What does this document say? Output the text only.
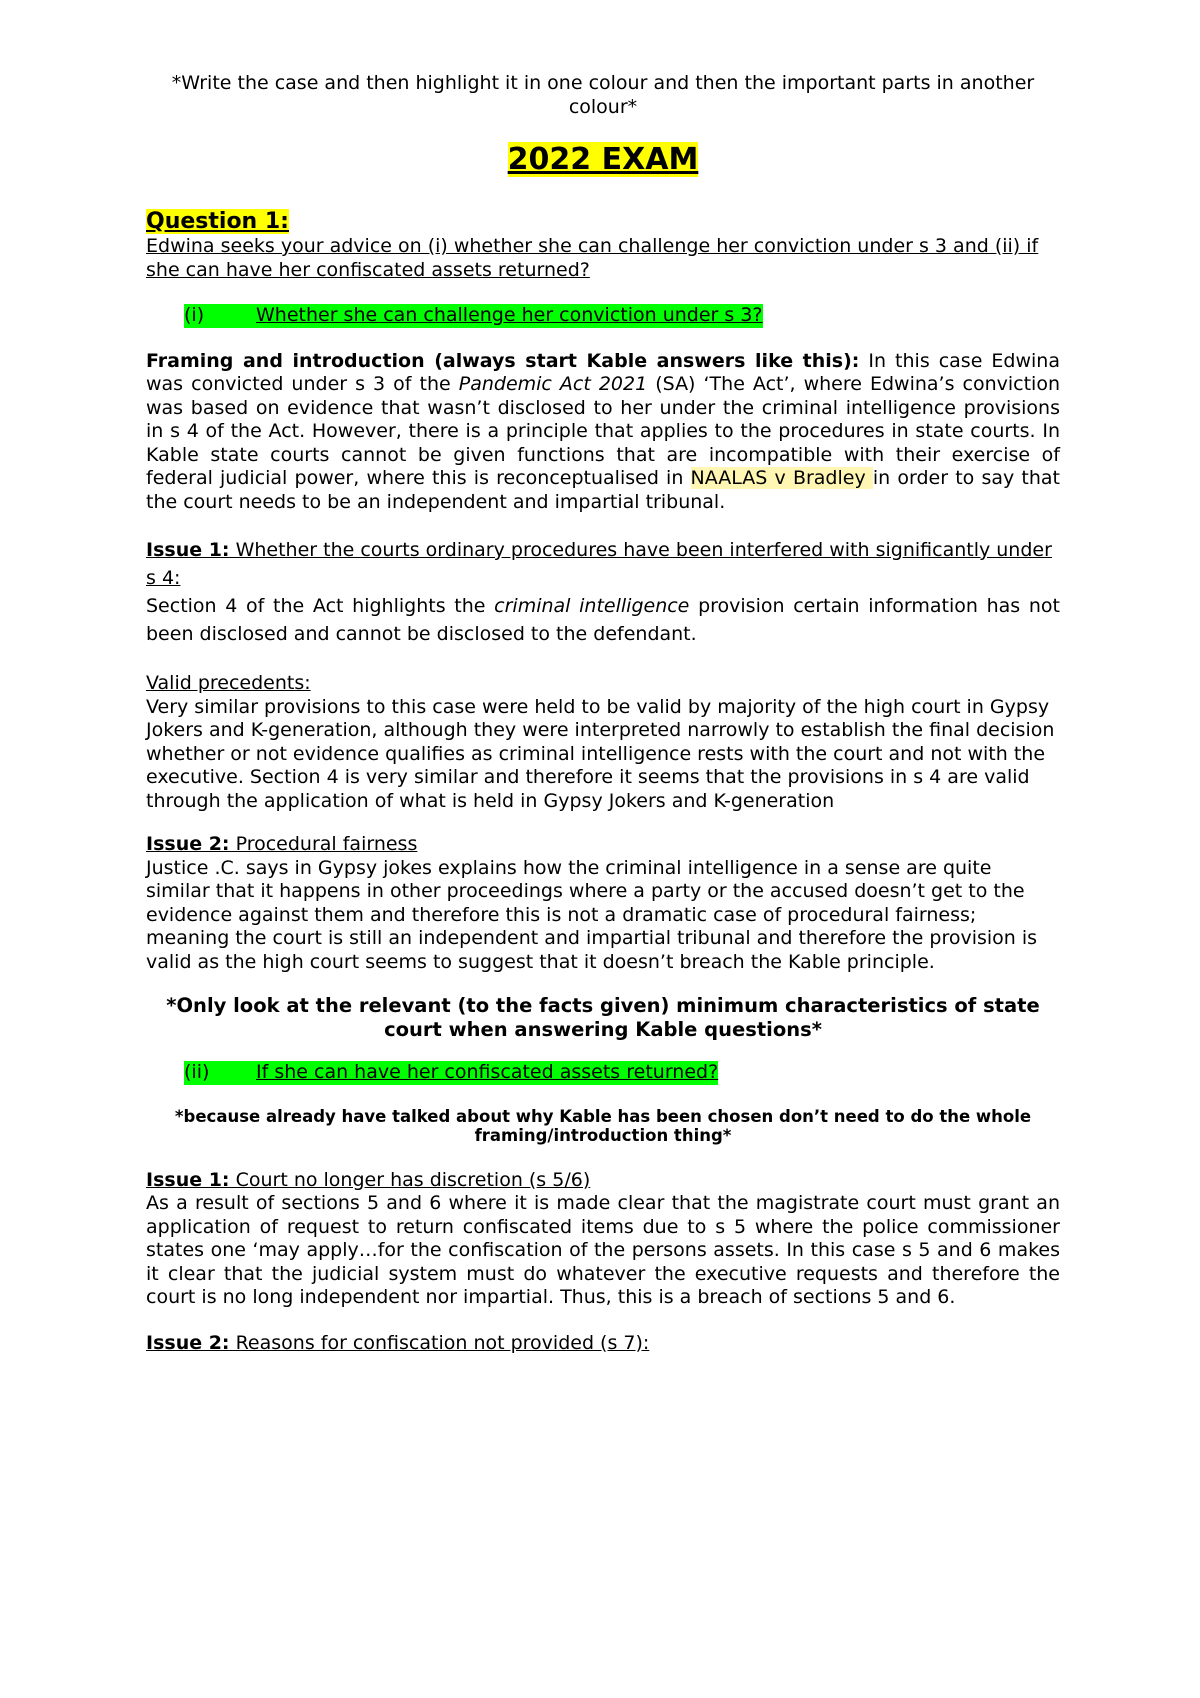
*Write the case and then highlight it in one colour and then the important parts in another colour*

2022 EXAM

Question 1:

Edwina seeks your advice on (i) whether she can challenge her conviction under s 3 and (ii) if she can have her confiscated assets returned?

(i)	Whether she can challenge her conviction under s 3?

Framing and introduction (always start Kable answers like this): In this case Edwina was convicted under s 3 of the Pandemic Act 2021 (SA) ‘The Act’, where Edwina’s conviction was based on evidence that wasn’t disclosed to her under the criminal intelligence provisions in s 4 of the Act. However, there is a principle that applies to the procedures in state courts. In Kable state courts cannot be given functions that are incompatible with their exercise of federal judicial power, where this is reconceptualised in NAALAS v Bradley in order to say that the court needs to be an independent and impartial tribunal.

Issue 1: Whether the courts ordinary procedures have been interfered with significantly under s 4:

Section 4 of the Act highlights the criminal intelligence provision certain information has not been disclosed and cannot be disclosed to the defendant.

Valid precedents:

Very similar provisions to this case were held to be valid by majority of the high court in Gypsy Jokers and K-generation, although they were interpreted narrowly to establish the final decision whether or not evidence qualifies as criminal intelligence rests with the court and not with the executive. Section 4 is very similar and therefore it seems that the provisions in s 4 are valid through the application of what is held in Gypsy Jokers and K-generation

Issue 2: Procedural fairness

Justice .C. says in Gypsy jokes explains how the criminal intelligence in a sense are quite similar that it happens in other proceedings where a party or the accused doesn’t get to the evidence against them and therefore this is not a dramatic case of procedural fairness; meaning the court is still an independent and impartial tribunal and therefore the provision is valid as the high court seems to suggest that it doesn’t breach the Kable principle.

*Only look at the relevant (to the facts given) minimum characteristics of state court when answering Kable questions*

(ii) If she can have her confiscated assets returned?

*because already have talked about why Kable has been chosen don’t need to do the whole framing/introduction thing*

Issue 1: Court no longer has discretion (s 5/6)

As a result of sections 5 and 6 where it is made clear that the magistrate court must grant an application of request to return confiscated items due to s 5 where the police commissioner states one ‘may apply…for the confiscation of the persons assets. In this case s 5 and 6 makes it clear that the judicial system must do whatever the executive requests and therefore the court is no long independent nor impartial. Thus, this is a breach of sections 5 and 6.

Issue 2: Reasons for confiscation not provided (s 7):
